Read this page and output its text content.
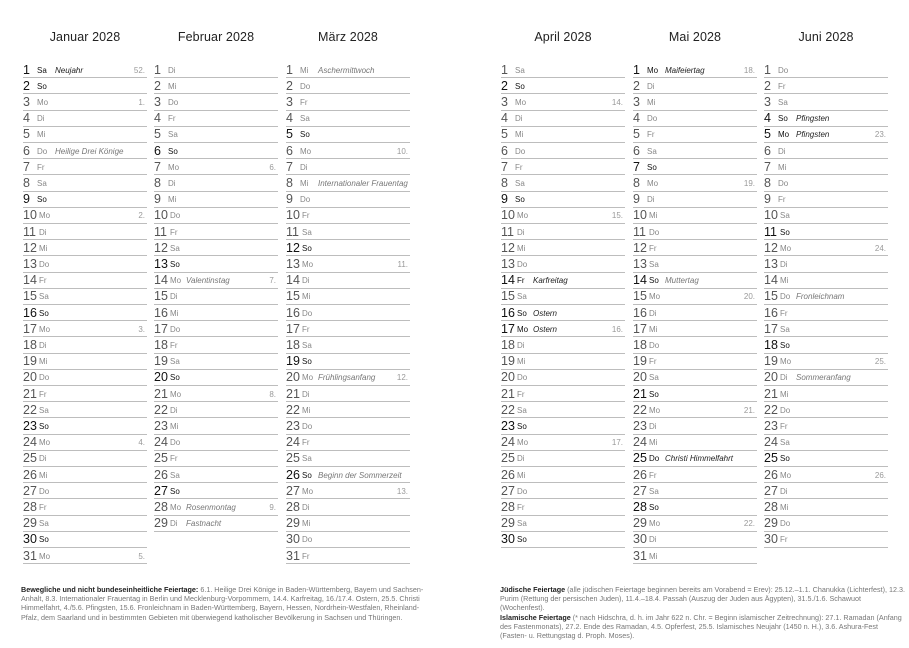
Januar 2028
1 Sa Neujahr	52.
2 So
3 Mo	1.
4 Di
5 Mi
6 Do Heilige Drei Könige
7 Fr
8 Sa
9 So
10 Mo	2.
11 Di
12 Mi
13 Do
14 Fr
15 Sa
16 So
17 Mo	3.
18 Di
19 Mi
20 Do
21 Fr
22 Sa
23 So
24 Mo	4.
25 Di
26 Mi
27 Do
28 Fr
29 Sa
30 So
31 Mo	5.
Februar 2028
1 Di
2 Mi
3 Do
4 Fr
5 Sa
6 So
7 Mo	6.
8 Di
9 Mi
10 Do
11 Fr
12 Sa
13 So
14 Mo Valentinstag	7.
15 Di
16 Mi
17 Do
18 Fr
19 Sa
20 So
21 Mo	8.
22 Di
23 Mi
24 Do
25 Fr
26 Sa
27 So
28 Mo Rosenmontag	9.
29 Di Fastnacht
März 2028
1 Mi Aschermittwoch
2 Do
3 Fr
4 Sa
5 So
6 Mo	10.
7 Di
8 Mi Internationaler Frauentag
9 Do
10 Fr
11 Sa
12 So
13 Mo	11.
14 Di
15 Mi
16 Do
17 Fr
18 Sa
19 So
20 Mo Frühlingsanfang	12.
21 Di
22 Mi
23 Do
24 Fr
25 Sa
26 So Beginn der Sommerzeit
27 Mo	13.
28 Di
29 Mi
30 Do
31 Fr
Bewegliche und nicht bundeseinheitliche Feiertage: 6.1. Heilige Drei Könige in Baden-Württemberg, Bayern und Sachsen-Anhalt, 8.3. Internationaler Frauentag in Berlin und Mecklenburg-Vorpommern, 14.4. Karfreitag, 16./17.4. Ostern, 25.5. Christi Himmelfahrt, 4./5.6. Pfingsten, 15.6. Fronleichnam in Baden-Württemberg, Bayern, Hessen, Nordrhein-Westfalen, Rheinland-Pfalz, dem Saarland und in bestimmten Gebieten mit überwiegend katholischer Bevölkerung in Sachsen und Thüringen.
April 2028
1 Sa
2 So
3 Mo	14.
4 Di
5 Mi
6 Do
7 Fr
8 Sa
9 So
10 Mo	15.
11 Di
12 Mi
13 Do
14 Fr Karfreitag
15 Sa
16 So Ostern
17 Mo Ostern	16.
18 Di
19 Mi
20 Do
21 Fr
22 Sa
23 So
24 Mo	17.
25 Di
26 Mi
27 Do
28 Fr
29 Sa
30 So
Mai 2028
1 Mo Maifeiertag	18.
2 Di
3 Mi
4 Do
5 Fr
6 Sa
7 So
8 Mo	19.
9 Di
10 Mi
11 Do
12 Fr
13 Sa
14 So Muttertag
15 Mo	20.
16 Di
17 Mi
18 Do
19 Fr
20 Sa
21 So
22 Mo	21.
23 Di
24 Mi
25 Do Christi Himmelfahrt
26 Fr
27 Sa
28 So
29 Mo	22.
30 Di
31 Mi
Juni 2028
1 Do
2 Fr
3 Sa
4 So Pfingsten
5 Mo Pfingsten	23.
6 Di
7 Mi
8 Do
9 Fr
10 Sa
11 So
12 Mo	24.
13 Di
14 Mi
15 Do Fronleichnam
16 Fr
17 Sa
18 So
19 Mo	25.
20 Di Sommeranfang
21 Mi
22 Do
23 Fr
24 Sa
25 So
26 Mo	26.
27 Di
28 Mi
29 Do
30 Fr
Jüdische Feiertage (alle jüdischen Feiertage beginnen bereits am Vorabend = Erev): 25.12.–1.1. Chanukka (Lichterfest), 12.3. Purim (Rettung der persischen Juden), 11.4.–18.4. Passah (Auszug der Juden aus Ägypten), 31.5./1.6. Schawuot (Wochenfest).
Islamische Feiertage (* nach Hidschra, d. h. im Jahr 622 n. Chr. = Beginn islamischer Zeitrechnung): 27.1. Ramadan (Anfang des Fastenmonats), 27.2. Ende des Ramadan, 4.5. Opferfest, 25.5. Islamisches Neujahr (1450 n. H.), 3.6. Ashura-Fest (Fasten- u. Rettungstag d. Proph. Moses).
